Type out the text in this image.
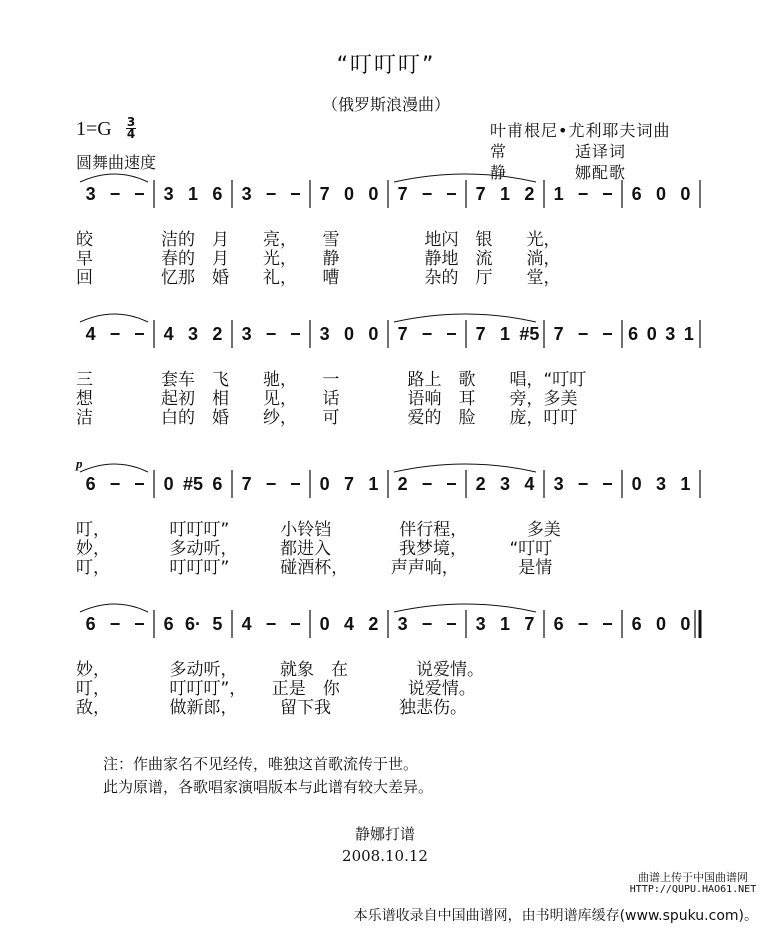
“叮叮叮”
（俄罗斯浪漫曲）
1=G 3
4
圆舞曲速度
叶甫根尼•尤利耶夫词曲
常　　　　适译词
静　　　　娜配歌
3 − − 3 1 6 3 − − 7 0 0 7 − − 7 1 2 1 − − 6 0 0
皎　　　　洁的　月　　亮，　　雪　　　　　地闪　银　　光，
早　　　　春的　月　　光，　　静　　　　　静地　流　　淌，
回　　　　忆那　婚　　礼，　　嘈　　　　　杂的　厅　　堂，
4 − − 4 3 2 3 − − 3 0 0 7 − − 7 1 #5 7 − − 6 0 3 1
三　　　　套车　飞　　驰，　　一　　　　路上　歌　　唱，“叮叮
想　　　　起初　相　　见，　　话　　　　语响　耳　　旁，多美
洁　　　　白的　婚　　纱，　　可　　　　爱的　脸　　庞，叮叮
6 − − 0 #5 6 7 − − 0 7 1 2 − − 2 3 4 3 − − 0 3 1
p
叮，　　　　叮叮叮”　　　小铃铛　　　　伴行程，　　　　多美
妙，　　　　多动听，　　　都进入　　　　我梦境，　　　“叮叮
叮，　　　　叮叮叮”　　　碰酒杯，　　　声声响，　　　　是情
6 − − 6 6· 5 4 − − 0 4 2 3 − − 3 1 7 6 − − 6 0 0
妙，　　　　多动听，　　　就象　在　　　　说爱情。
叮，　　　　叮叮叮”，　　正是　你　　　　说爱情。
敌，　　　　做新郎，　　　留下我　　　　独悲伤。
注：作曲家名不见经传，唯独这首歌流传于世。
此为原谱，各歌唱家演唱版本与此谱有较大差异。
静娜打谱
2008.10.12
曲谱上传于中国曲谱网
HTTP://QUPU.HAO61.NET
本乐谱收录自中国曲谱网，由书明谱库缓存(www.spuku.com)。
